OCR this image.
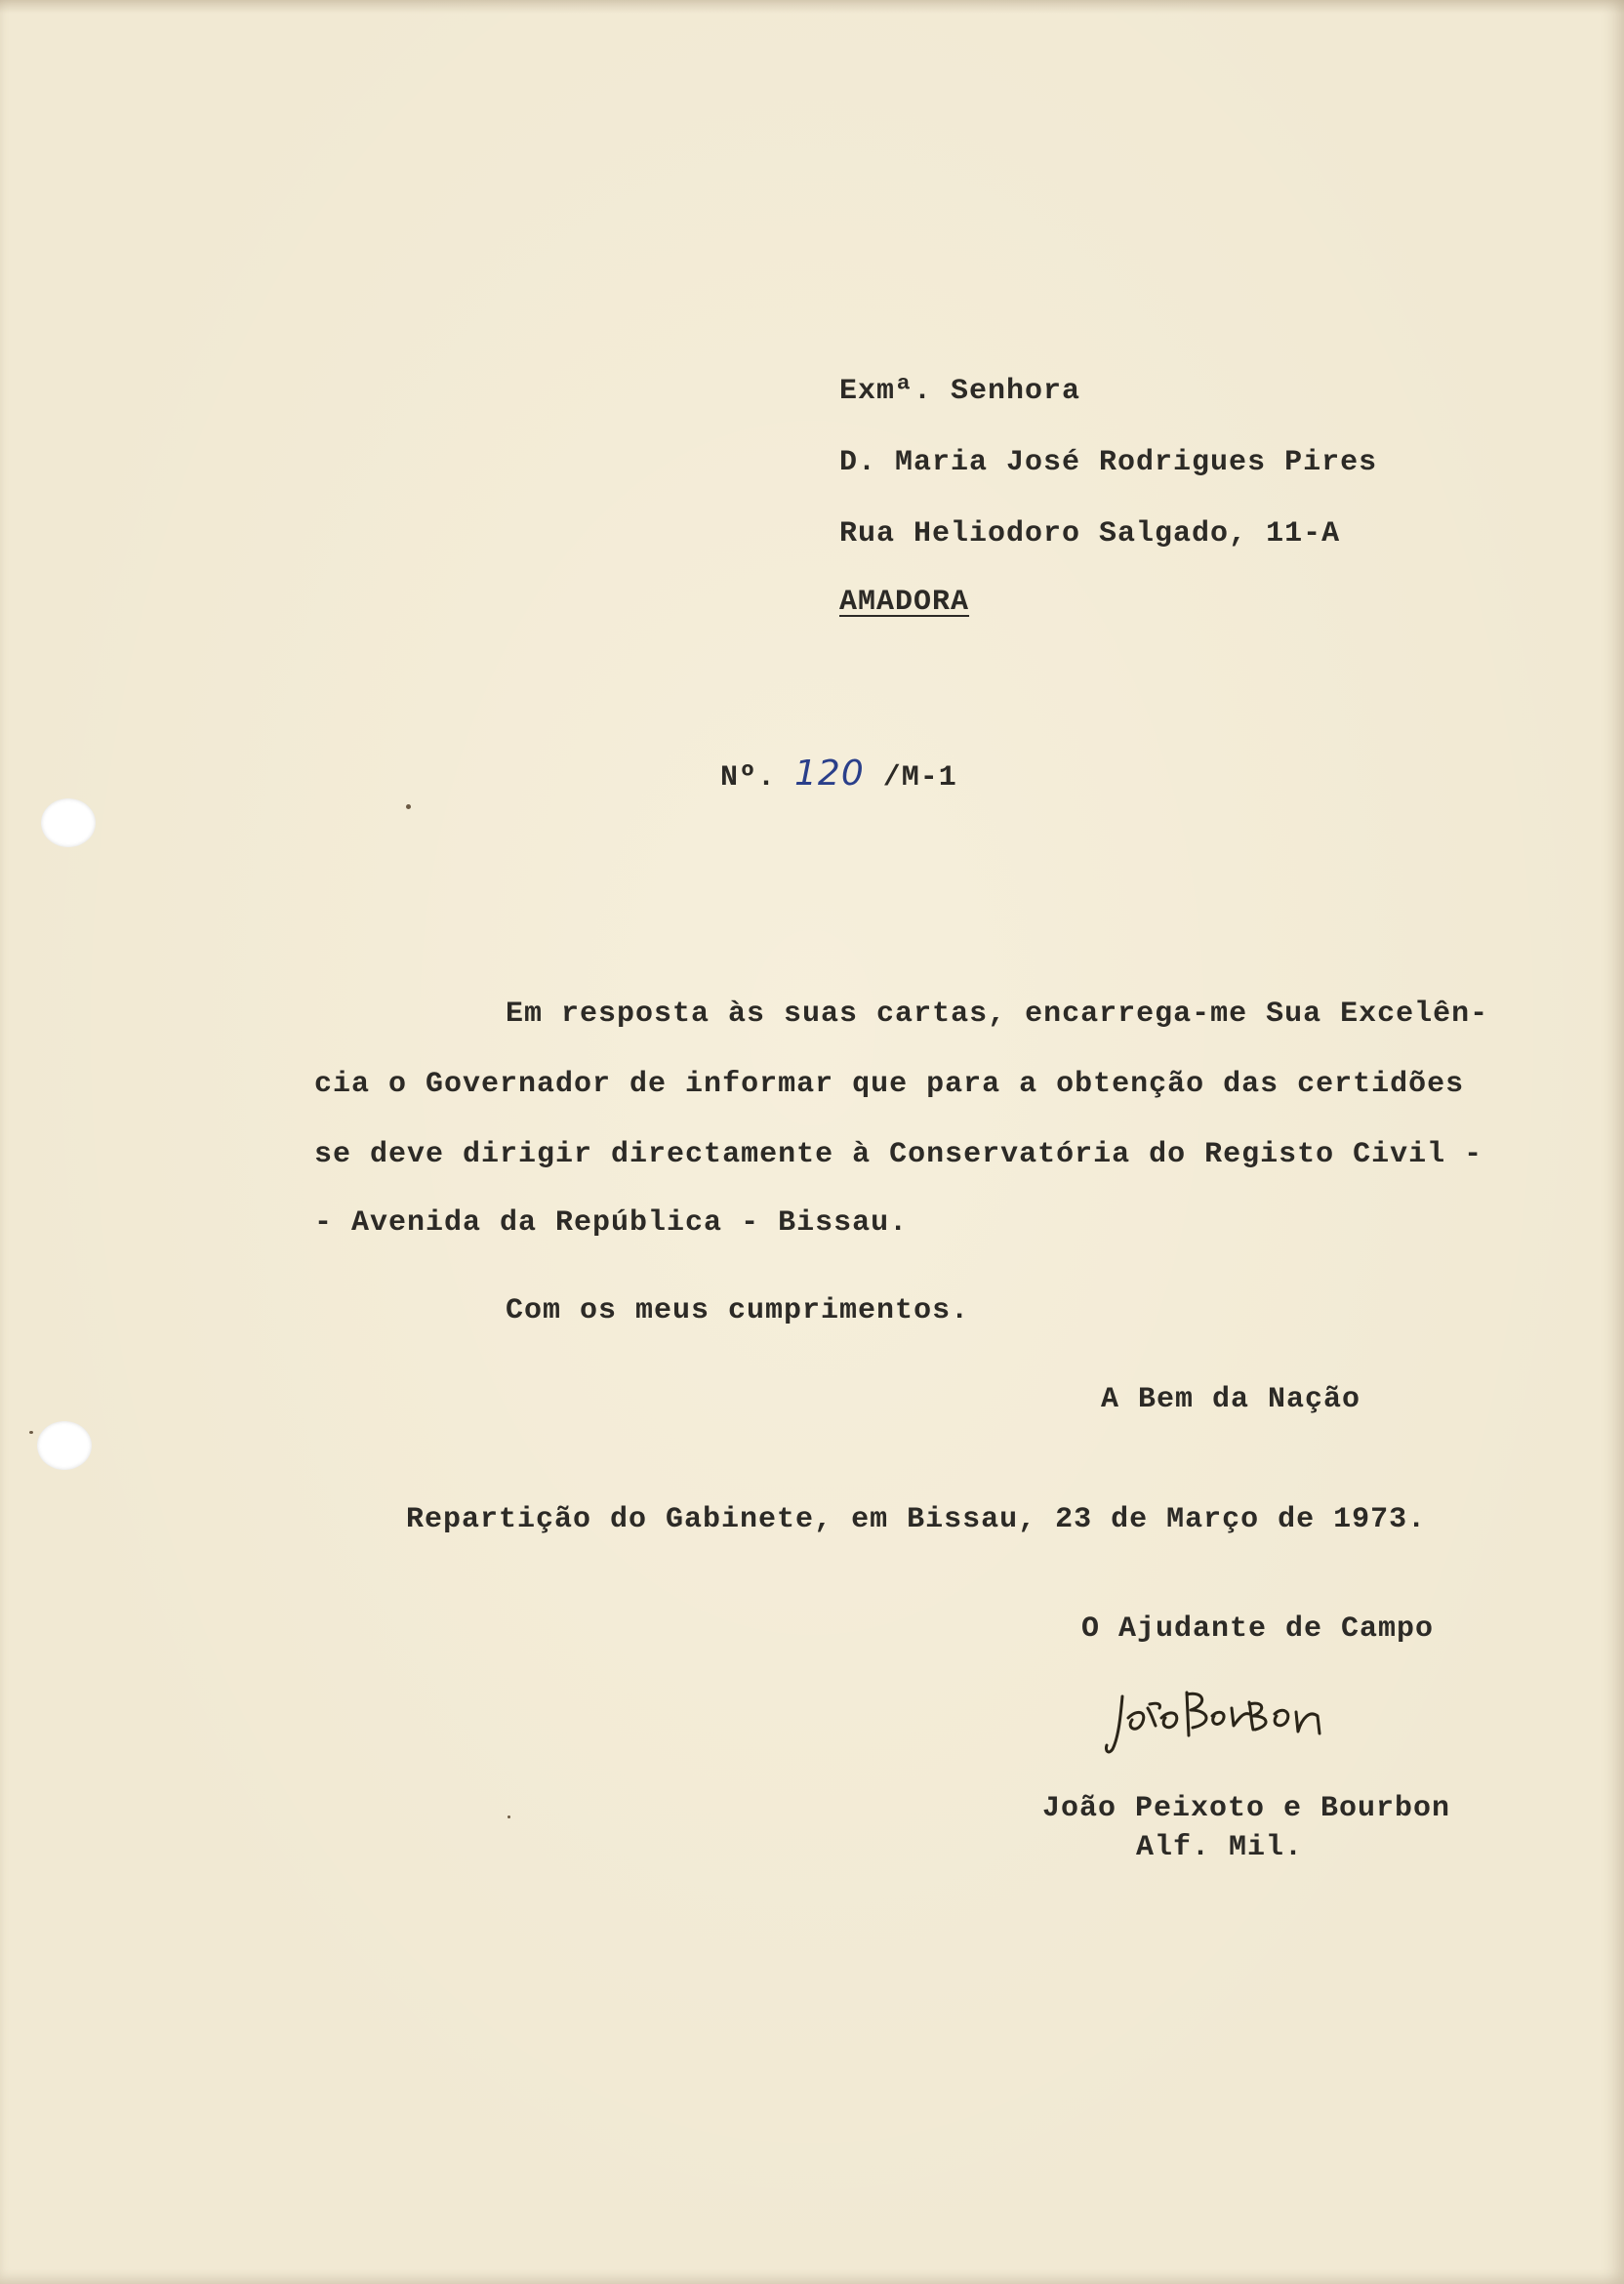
Exmª. Senhora

D. Maria José Rodrigues Pires

Rua Heliodoro Salgado, 11-A

AMADORA

Nº. 120 /M-1

Em resposta às suas cartas, encarrega-me Sua Excelên-

cia o Governador de informar que para a obtenção das certidões

se deve dirigir directamente à Conservatória do Registo Civil -

- Avenida da República - Bissau.

Com os meus cumprimentos.

A Bem da Nação

Repartição do Gabinete, em Bissau, 23 de Março de 1973.

O Ajudante de Campo

João Peixoto e Bourbon

Alf. Mil.
